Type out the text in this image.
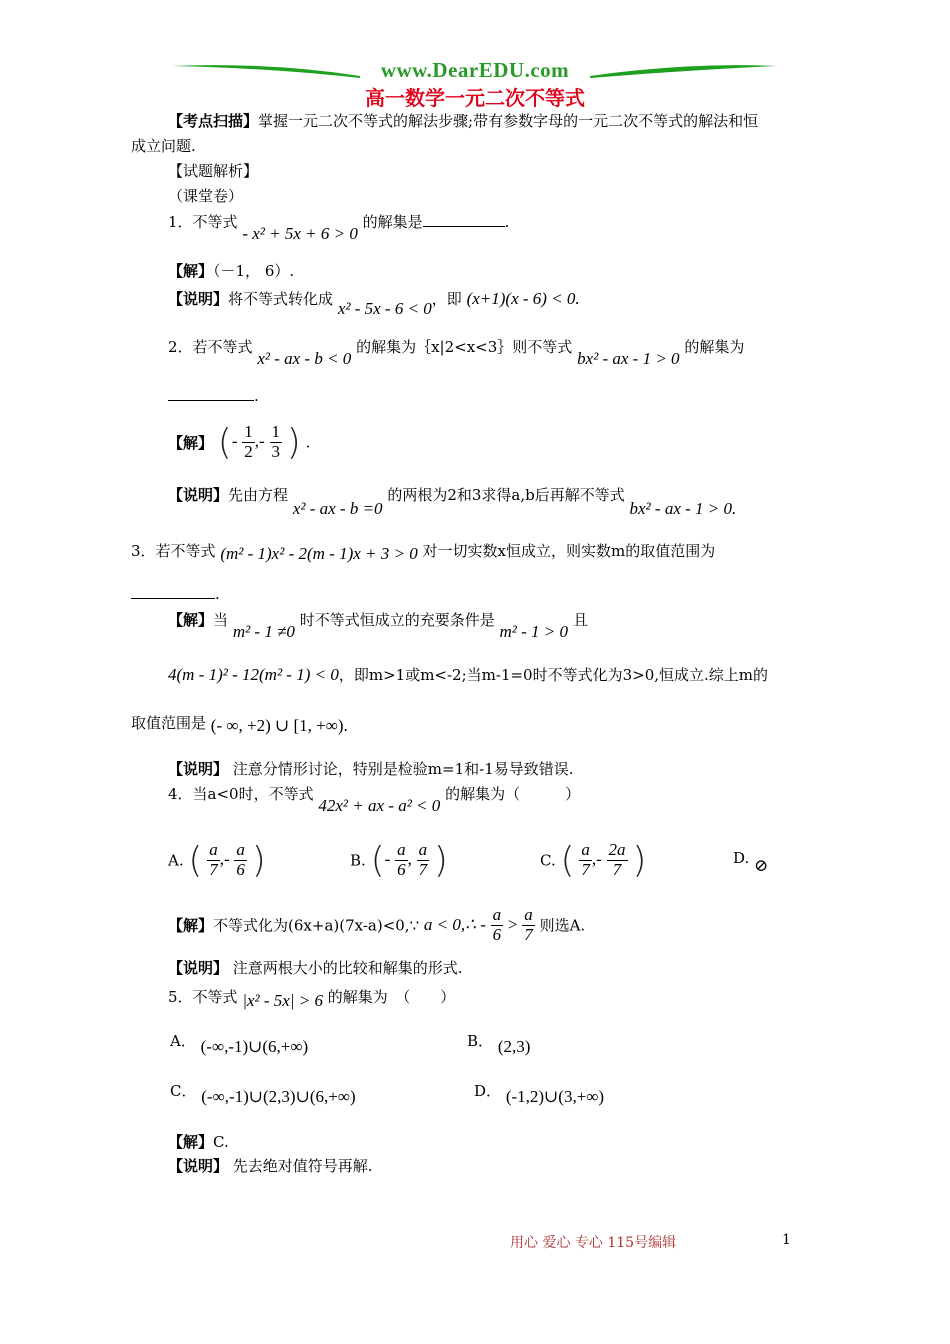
www.DearEDU.com
高一数学一元二次不等式
【考点扫描】掌握一元二次不等式的解法步骤;带有参数字母的一元二次不等式的解法和恒
成立问题.
【试题解析】
（课堂卷）
1．不等式 - x² + 5x + 6 > 0 的解集是	.
【解】（－1， 6）.
【说明】将不等式转化成 x² - 5x - 6 < 0，即 (x+1)(x - 6) < 0.
2．若不等式 x² - ax - b < 0 的解集为｛x|2<x<3｝则不等式 bx² - ax - 1 > 0 的解集为
.
【解】 (- $\frac{1}{2}$ ,- $\frac{1}{3}$ ) .
【说明】先由方程 x² - ax - b =0 的两根为2和3求得a,b后再解不等式 bx² - ax - 1 > 0.
3．若不等式 (m² - 1)x² - 2(m - 1)x + 3 > 0 对一切实数x恒成立，则实数m的取值范围为
.
【解】当 m² - 1 ≠0 时不等式恒成立的充要条件是 m² - 1 > 0 且
4(m - 1)² - 12(m² - 1) < 0，即m>1或m<-2;当m-1=0时不等式化为3>0,恒成立.综上m的
取值范围是 (- ∞, +2) ∪ [1, +∞).
【说明】 注意分情形讨论，特别是检验m=1和-1易导致错误.
4．当a<0时，不等式 42x² + ax - a² < 0 的解集为（　　　）
A. ( $\frac{a}{7}$ ,- $\frac{a}{6}$ )	B. (- $\frac{a}{6}$ , $\frac{a}{7}$ )	C. ( $\frac{a}{7}$ ,- $\frac{2a}{7}$ )	D. ⊘
【解】不等式化为(6x+a)(7x-a)<0,∵ a < 0,∴ - $\frac{a}{6} > \frac{a}{7}$ 则选A.
【说明】 注意两根大小的比较和解集的形式.
5．不等式 |x² - 5x| > 6 的解集为　（　　）
A． (-∞,-1)∪(6,+∞)	B． (2,3)
C． (-∞,-1)∪(2,3)∪(6,+∞)	D． (-1,2)∪(3,+∞)
【解】C.
【说明】 先去绝对值符号再解.
用心 爱心 专心 115号编辑	1
